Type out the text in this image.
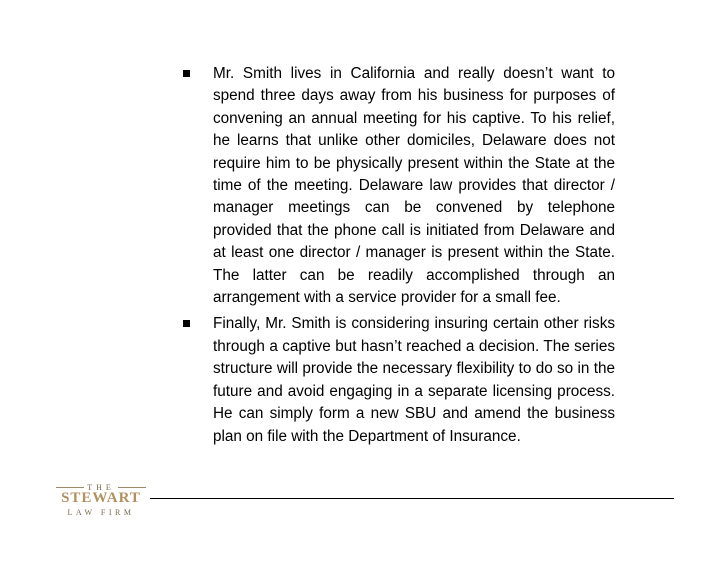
Mr. Smith lives in California and really doesn’t want to spend three days away from his business for purposes of convening an annual meeting for his captive. To his relief, he learns that unlike other domiciles, Delaware does not require him to be physically present within the State at the time of the meeting. Delaware law provides that director / manager meetings can be convened by telephone provided that the phone call is initiated from Delaware and at least one director / manager is present within the State. The latter can be readily accomplished through an arrangement with a service provider for a small fee.
Finally, Mr. Smith is considering insuring certain other risks through a captive but hasn’t reached a decision. The series structure will provide the necessary flexibility to do so in the future and avoid engaging in a separate licensing process. He can simply form a new SBU and amend the business plan on file with the Department of Insurance.
THE
STEWART
LAW FIRM
